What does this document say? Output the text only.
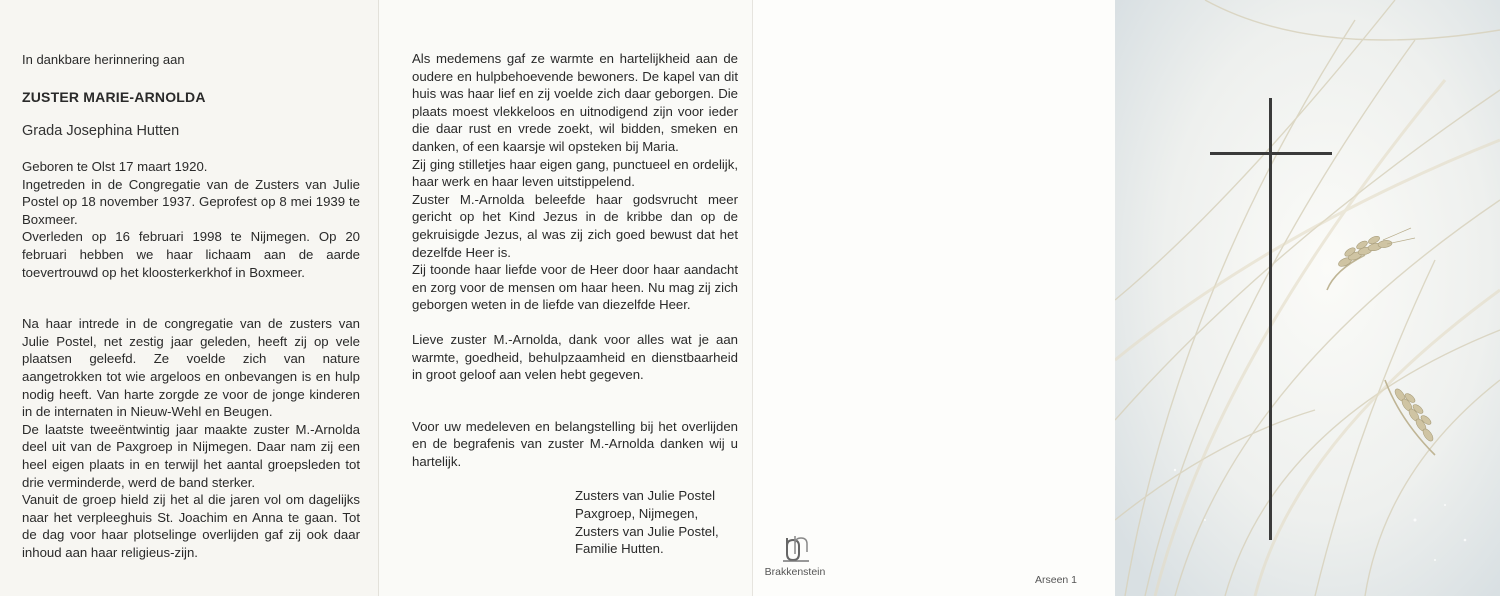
In dankbare herinnering aan

ZUSTER MARIE-ARNOLDA

Grada Josephina Hutten

Geboren te Olst 17 maart 1920.

Ingetreden in de Congregatie van de Zusters van Julie Postel op 18 november 1937. Geprofest op 8 mei 1939 te Boxmeer.

Overleden op 16 februari 1998 te Nijmegen. Op 20 februari hebben we haar lichaam aan de aarde toevertrouwd op het kloosterkerkhof in Boxmeer.

Na haar intrede in de congregatie van de zusters van Julie Postel, net zestig jaar geleden, heeft zij op vele plaatsen geleefd. Ze voelde zich van nature aangetrokken tot wie argeloos en onbevangen is en hulp nodig heeft. Van harte zorgde ze voor de jonge kinderen in de internaten in Nieuw-Wehl en Beugen.

De laatste tweeëntwintig jaar maakte zuster M.-Arnolda deel uit van de Paxgroep in Nijmegen. Daar nam zij een heel eigen plaats in en terwijl het aantal groepsleden tot drie verminderde, werd de band sterker.

Vanuit de groep hield zij het al die jaren vol om dagelijks naar het verpleeghuis St. Joachim en Anna te gaan. Tot de dag voor haar plotselinge overlijden gaf zij ook daar inhoud aan haar religieus-zijn.

Als medemens gaf ze warmte en hartelijkheid aan de oudere en hulpbehoevende bewoners. De kapel van dit huis was haar lief en zij voelde zich daar geborgen. Die plaats moest vlekkeloos en uitnodigend zijn voor ieder die daar rust en vrede zoekt, wil bidden, smeken en danken, of een kaarsje wil opsteken bij Maria.

Zij ging stilletjes haar eigen gang, punctueel en ordelijk, haar werk en haar leven uitstippelend.

Zuster M.-Arnolda beleefde haar godsvrucht meer gericht op het Kind Jezus in de kribbe dan op de gekruisigde Jezus, al was zij zich goed bewust dat het dezelfde Heer is.

Zij toonde haar liefde voor de Heer door haar aandacht en zorg voor de mensen om haar heen. Nu mag zij zich geborgen weten in de liefde van diezelfde Heer.

Lieve zuster M.-Arnolda, dank voor alles wat je aan warmte, goedheid, behulpzaamheid en dienstbaarheid in groot geloof aan velen hebt gegeven.
Voor uw medeleven en belangstelling bij het overlijden en de begrafenis van zuster M.-Arnolda danken wij u hartelijk.
Zusters van Julie Postel
Paxgroep, Nijmegen,
Zusters van Julie Postel,
Familie Hutten.
Brakkenstein
Arseen 1
